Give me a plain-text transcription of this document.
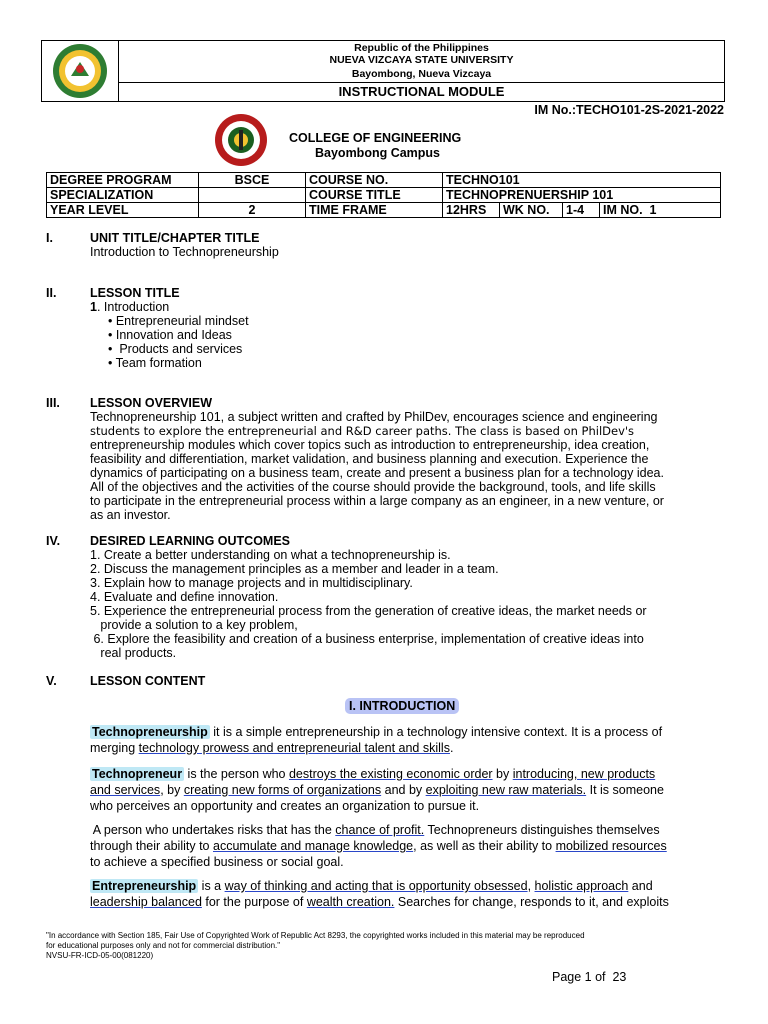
Republic of the Philippines
NUEVA VIZCAYA STATE UNIVERSITY
Bayombong, Nueva Vizcaya
INSTRUCTIONAL MODULE
IM No.:TECHO101-2S-2021-2022
COLLEGE OF ENGINEERING
Bayombong Campus
DEGREE PROGRAM	BSCE	COURSE NO.	TECHNO101			
SPECIALIZATION		COURSE TITLE	TECHNOPRENUERSHIP 101			
YEAR LEVEL	2	TIME FRAME	12HRS	WK NO.	1-4	IM NO. 1
I.	UNIT TITLE/CHAPTER TITLE
Introduction to Technopreneurship
II.	LESSON TITLE
1. Introduction
• Entrepreneurial mindset
• Innovation and Ideas
•  Products and services
• Team formation
III. LESSON OVERVIEW
Technopreneurship 101, a subject written and crafted by PhilDev, encourages science and engineering
students to explore the entrepreneurial and R&D career paths. The class is based on PhilDev's
entrepreneurship modules which cover topics such as introduction to entrepreneurship, idea creation,
feasibility and differentiation, market validation, and business planning and execution. Experience the
dynamics of participating on a business team, create and present a business plan for a technology idea.
All of the objectives and the activities of the course should provide the background, tools, and life skills
to participate in the entrepreneurial process within a large company as an engineer, in a new venture, or
as an investor.
IV. DESIRED LEARNING OUTCOMES
1. Create a better understanding on what a technopreneurship is.
2. Discuss the management principles as a member and leader in a team.
3. Explain how to manage projects and in multidisciplinary.
4. Evaluate and define innovation.
5. Experience the entrepreneurial process from the generation of creative ideas, the market needs or
provide a solution to a key problem,
6. Explore the feasibility and creation of a business enterprise, implementation of creative ideas into
real products.
V.	LESSON CONTENT
I. INTRODUCTION
Technopreneurship it is a simple entrepreneurship in a technology intensive context. It is a process of
merging technology prowess and entrepreneurial talent and skills.
Technopreneur is the person who destroys the existing economic order by introducing, new products
and services, by creating new forms of organizations and by exploiting new raw materials. It is someone
who perceives an opportunity and creates an organization to pursue it.
A person who undertakes risks that has the chance of profit. Technopreneurs distinguishes themselves
through their ability to accumulate and manage knowledge, as well as their ability to mobilized resources
to achieve a specified business or social goal.
Entrepreneurship is a way of thinking and acting that is opportunity obsessed, holistic approach and
leadership balanced for the purpose of wealth creation. Searches for change, responds to it, and exploits
"In accordance with Section 185, Fair Use of Copyrighted Work of Republic Act 8293, the copyrighted works included in this material may be reproduced
for educational purposes only and not for commercial distribution."
NVSU-FR-ICD-05-00(081220)
Page 1 of  23
